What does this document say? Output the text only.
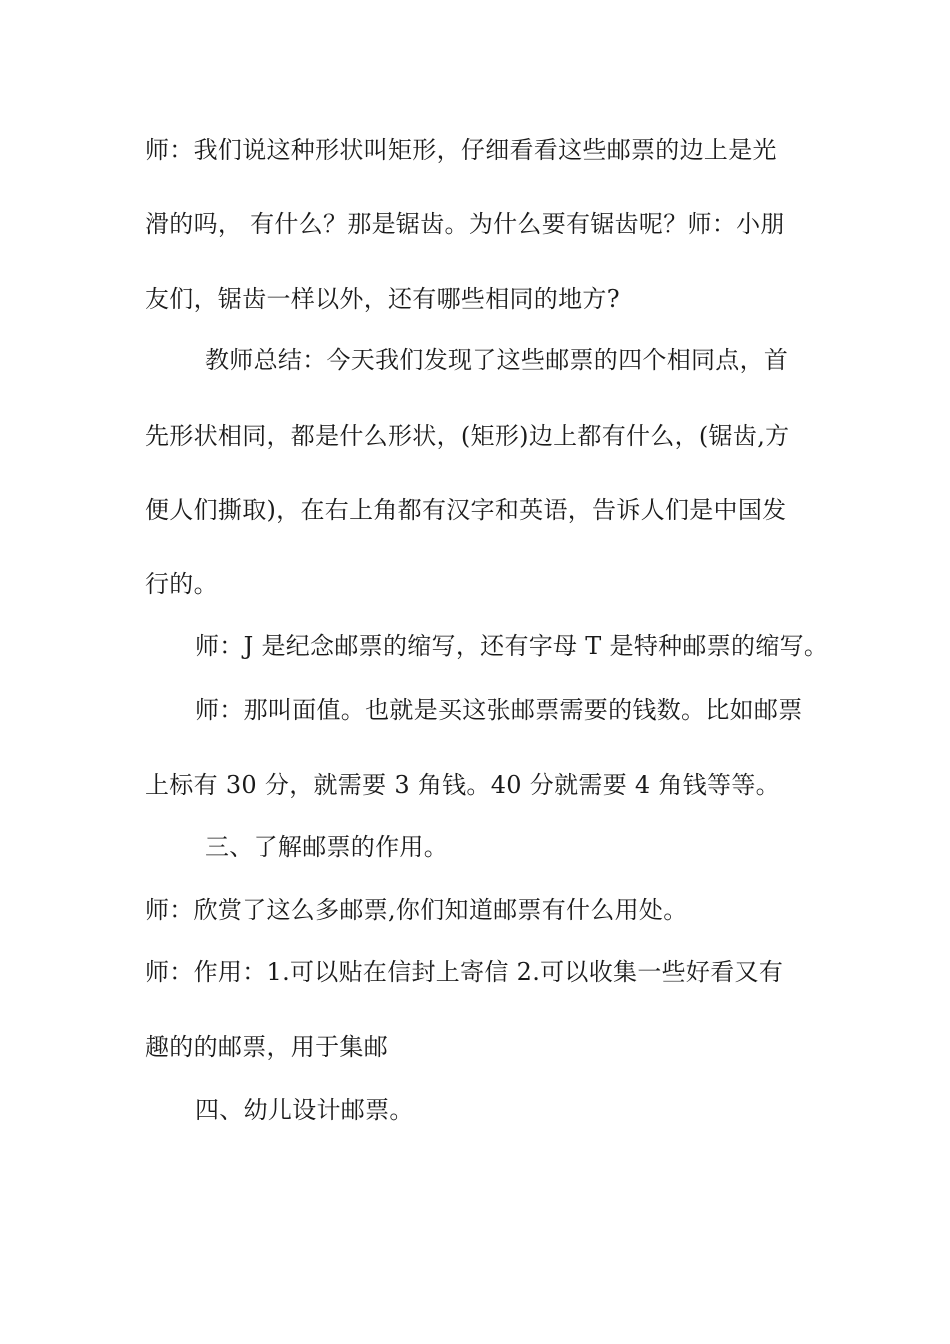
师：我们说这种形状叫矩形，仔细看看这些邮票的边上是光
滑的吗， 有什么？那是锯齿。为什么要有锯齿呢？师：小朋
友们，锯齿一样以外，还有哪些相同的地方?
教师总结：今天我们发现了这些邮票的四个相同点，首
先形状相同，都是什么形状，(矩形)边上都有什么，(锯齿,方
便人们撕取)，在右上角都有汉字和英语，告诉人们是中国发
行的。
师：J 是纪念邮票的缩写，还有字母 T 是特种邮票的缩写。
师：那叫面值。也就是买这张邮票需要的钱数。比如邮票
上标有 30 分，就需要 3 角钱。40 分就需要 4 角钱等等。
三、了解邮票的作用。
师：欣赏了这么多邮票,你们知道邮票有什么用处。
师：作用：1.可以贴在信封上寄信 2.可以收集一些好看又有
趣的的邮票，用于集邮
四、幼儿设计邮票。
